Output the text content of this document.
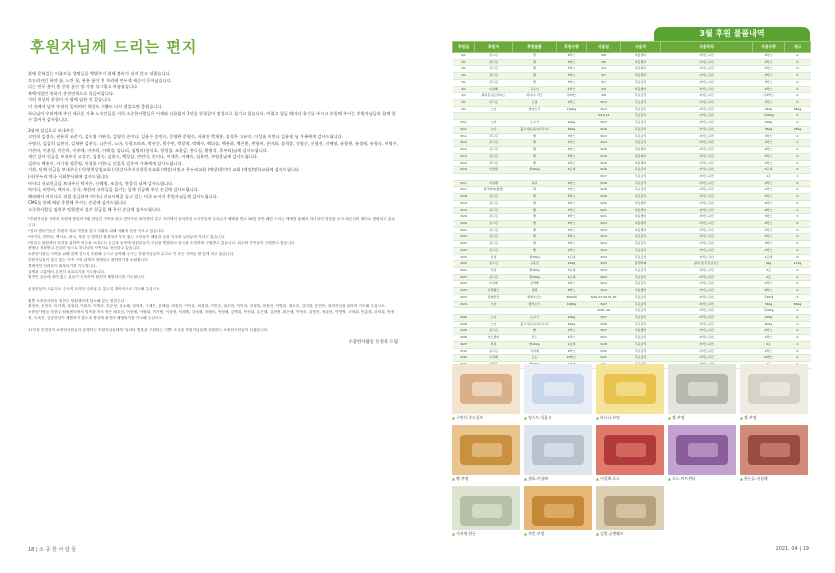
후원자님께 드리는 편지
흙에 묻혀있는 이름모를 생명들을 햇볕주기 위해 봄바가 쉬지 않고 내렸습니다.
토드러지던 하얀 꽃, 노란 꽃, 분홍 꽃이 진 자리에 연두색 새순이 돋아났습니다.
나는 연두 꽃이 봄 중의 꽃인 양 가장 싱그럽고 아름답습니다.
흑백이었던 천하가 총천연색으로 물들어갑니다.
가히 천상의 풍경이 이 땅에 임한 것 같습니다.
이 속에서 날아 우리의 일어버린 희망도 기쁨도 다시 찾았으면 좋겠습니다.
하나님이 우리에게 주신 새로운 가족 노숙인들을 저희 소중한사람들은 이제와 다름없이 1년을 한결같이 정성으로 섬기고 있습니다. 어렵고 힘들 때마다 용기를 주시고 후원해 주시는 후원자님들과 함께 할 수 있어서 감사합니다.
3월에 섬김으로 보내주신
고연희 김경숙, 권용희 조준기, 김도영 이판숙, 김영진 손미나, 김용수 송연숙, 문영완 문영숙, 서화진 박재홍, 송경옥 고유미, 이성술 이민나 김유영 님 가족에게 감사드립니다.
구명신, 김갑희 김현인, 김재완 김현숙, 나은선, 노마, 동광프라즈, 박산순, 박수빈, 박창학, 박해수, 백다솔, 백용하, 백은환, 변영비, 손미화, 송희종, 신영순, 신형진, 신혜영, 유광현, 유정애, 유청숙, 이명수, 이산아, 이윤정, 이은희, 이주애, 이주희, 이해경, 임나리, 임병미(장지호, 정형철, 조윤금, 홍득실, 황영석, 후부리)님께 감사드립니다.
개인 감사 헌금을 보내주신 고강순, 김경숙, 김현숙, 백상삼, 변연미, 손미나, 이재은, 이혜숙, 임윤연, 주영훈님께 감사드립니다.
김현숙 백홍선, 이기형 정준영, 이성용 이한나, 인훈목 김온여 가족에게 감사드립니다.
기관, 단체 헌금을 보내주신 (거)양천상업교회 (거)강사주지선한목자교회 (예장)서빙고 온누리교회 (예장)행이덕 교회 (예장)명학교회에 감사드립니다.
(사)온누리 약국 사회봉사회에 감사드립니다.
아이디 선교헌금을 보내주신 박서은, 신혜영, 조경숙, 한종석 님께 감사드립니다.
아이디, 비단비, 맥시코, 중국, 북한의 고아들을 섬기는 일에 헌금해 주신 손길에 감사드립니다.
해외에서 아이디로 직접 송금하여 아이디 선교사역을 돕고 있는 미국 뉴저지 후원자님들께 감사드립니다.
CMS를 통해 매달 후원해 주시는 손길에 감사드립니다.
소중한사람들 임현주 팀원센터 설간 헌금을 해 주신 손길에 감사드립니다.
*후원자님을 사랑과 후원에 힘입어 3월 한달간 가족을 잃고 맞닥뜨린 희망센터 입고 거리에서 유리하던 노숙인들의 무료급식 혜택을 받고 36일 동안 폐임 드리는 예배를 통해서 하나님의 말씀을 듣고 매순실의 재미로 편원되고 있습니다.
*설리 샘들이들은 후원자 하위 직업을 갖고 자활을 위해 자활의 꿈을 키우고 있습니다.
*아이디, 미얀마, 맥시코, 중국, 북한 등 열악한 환경에서 부모 없는 고아들이 폐암과 꿈을 키우며 무럭무럭 자라고 있습니다.
*임현주 팀원센터 전경을 위하여 헌금을 보내주신 손길과 동역에 팀원무들이 주님을 영접하고 한국을 소망하며 구원받고 있습니다. 회주의 가족들이 구원받고 있습니다.
장애나 지원받고 건강한 팀으로 하나님의 사역자로 헌신하고 있습니다.
소중한사람들 사역을 위해 함께 걷도록 후원해 주시고 동역해 주시는 후원자님들의 수고로 이 모든 사역들 할 있게 하고 있습니다.
후원자님들이 있고 있는 가족 구의 관계가 형제되고 평안하기를 소원합니다.
경제적인 어려움이 회복되기를 기도합니다.
질병과 고통에서 온전히 치유되기를 기도합니다.
범적인 꿈들에 참여 있는 분들이 승리하여 완전히 해방되기를 기도합니다.

신형진님이 스튜디오 주시의 코리아 나비날 수 있도록 계속적으로 기도해 주십시오.

힘쫑 소중한사람들 임현주 팀원센터에 입소해 있는 임현주님
최정자, 신현숙, 이이제, 권정희, 이희숙, 이명숙, 인준정, 상수해, 정혁종, 구재은, 윤혜원, 최정민, 이덕윤, 최경희, 이인순, 권은미, 이이미, 강정임, 최용현, 이영관, 권오송, 김미향, 봉현덕, 권혁자님을 위하여 기도해 주십시오.
소중한사람들 임현주 팀원센터에서 임직을 자모 받은 배호남, 이종배, 이쌍희, 이가협, 이성정, 이재명, 김성배, 마혜숙, 박정혜, 김영희, 안정희, 유은혜, 김현정, 최은혜, 이영숙, 김영진, 정윤미, 이영영, 고애희, 인홍섭, 강미희, 박정혁, 이옥진, 김유면님이 재빨자기 않도록 항상에 완전히 해방되기를 기도해 주십시오.

17년을 한결같이 소중한사람들과 동행하는 후원자님들에게 '날마다 영혼을 구원하는 기쁨' 소식을 후원자님들께 선물하는 소중한사람들이 되겠습니다.
소중한사람들 유정옥 드림
18 | 소 중 한 사 람 들
3월 후원 물품내역
후원일	후원자	후원물품	후원수량	사용일	사용처	사용목적	사용수량	재고
3/1	존드림	쌀	4박스	3/8	아동센터	자석노숙인	4박스	0
3/1	존드림	빵	2박스	3/5	아동센터	자석노숙인	2박스	0
3/1	존드림	빵	1박스	3/4	아동센터	자석노숙인	1박스	0
3/1	존드림	빵	3박스	3/7	아동센터	자석노숙인	3박스	0
3/1	존드림	쌀	3박스	3/7	무료급식	자석노숙인	3박스	0
3/1	이성배	고로기	2박스	3/3	아동센터	자석노숙인	2박스	0
3/1	제과점 윤브라더스	바나나, 키즈	각3박스	3/8	무료급식	자석노숙인	각3박스	0
3/1	존드림	도넛	2박스	3/13	무료급식	자석노숙인	2박스	0
3/1	노아	쌀이오기	100kg	3/13	무료급식	자석노숙인	34kg	66kg
				3/13,14	무료급식	자석노숙인	각10kg	0
3/11	노아	소고기	20kg	3/13	무료급식	자석노숙인	20kg	0
3/11	노아	불고기(돈육이나고기)	60kg	3/16	무료급식	자석노숙인	35kg	25kg
3/11	존드림	빵	3박스	3/13	무료급식	자석노숙인	3박스	0
3/12	존드림	빵	1박스	3/14	무료급식	자석노숙인	1박스	0
3/12	존드림	빵	4박스	3/16	아동센터	자석노숙인	4박스	0
3/13	존드림	빵	5박스	3/16	아동센터	자석노숙인	5박스	0
3/15	존드림	빵	2박스	3/16	아동센터	자석노숙인	2박스	0
3/15	이천쌀	쌀10kg	5포대	3/16	무료급식	자석노숙인	5포대	0
				3/17	무료급식	자석노숙인	1포	0
3/17	이성배	육류	2박스	3/18	무료급식	자석노숙인	2박스	0
3/17	한국와바(종합)	떡	1박스	3/18	무료급식	자석노숙인	1박스	0
3/18	존드림	빵	4박스	3/20	무료급식	자석노숙인	4박스	0
3/19	존드림	빵	4박스	3/20	아동센터	자석노숙인	4박스	0
3/19	존드림	빵	2박스	3/21	아동센터	자석노숙인	2박스	0
3/20	존드림	빵	3박스	3/21	아동센터	자석노숙인	3박스	0
3/22	존드림	빵	4박스	3/23	아동센터	자석노숙인	4박스	0
3/22	존드림	빵	1박스	3/23	아동센터	자석노숙인	1박스	0
3/22	존드림	빵	4박스	3/24	무료급식	자석노숙인	4박스	0
3/22	존드림	빵	3박스	3/24	무료급식	자석노숙인	3박스	0
3/22	존드림	빵	1박스	3/24	무료급식	자석노숙인	1박스	0
3/22	부성	쌀10kg	2포대	3/24	무료급식	자석노숙인	2포대	0
3/22	존드림	구운김	20kg	3/23	홈센터폐	쉼터 및 무료급식소	3kg	17kg
3/22	부성	쌀10kg	3포대	3/23	무료급식	자석노숙인	3포	0
3/23	존드림	쌀10kg	2포대	3/24	무료급식	자석노숙인	2포	0
3/23	이성배	호박빵	1박스	3/24	무료급식	자석노숙인	1박스	0
3/23	글렌웰즈	생필	6박스	3/24	아동센터	자석노숙인	6박스	0
3/23	장례식장	병영수나스	3000개	3/26,27,30,31,30	무료급식	자석노숙인	각40개	0
3/24	노아	쌀이오기	100kg	3/27	무료급식	자석노숙인	34kg	66kg
				3/28, 29	무료급식	자석노숙인	각10kg	0
3/26	노아	소고기	20kg	3/27	무료급식	자석노숙인	20kg	0
3/26	노아	불고기(돈육이나고기)	60kg	3/30	무료급식	자석노숙인	60kg	0
3/26	존드림	빵	4박스	3/27	아동센터	자석노숙인	4박스	0
3/26	아트센터	만두	1박스	3/27	무료급식	자석노숙인	1박스	0
3/27	부성	쌀10kg	2포대	3/28	무료급식	자석노숙인	2포	0
3/30	존드림	식자재	2박스	3/31	무료급식	자석노숙인	2박스	0
3/30	이성배	포도	10박스	3/31	무료급식	자석노숙인	10박스	0

▲ 구연산-존드림즈	▲ 정스프-서울시	▲ 바나나-부명	▲ 쌀-부명	▲ 쌀-부명
▲ 빵-부명	▲ 샘표-이성배	▲ 이성배-포도	▲ 포도-아트센터	▲ 한돈류-이성배
▲ 식자재-한돈	▲ 치킨-부명	▲ 김밥-글렌웰즈
2021. 04 | 19
